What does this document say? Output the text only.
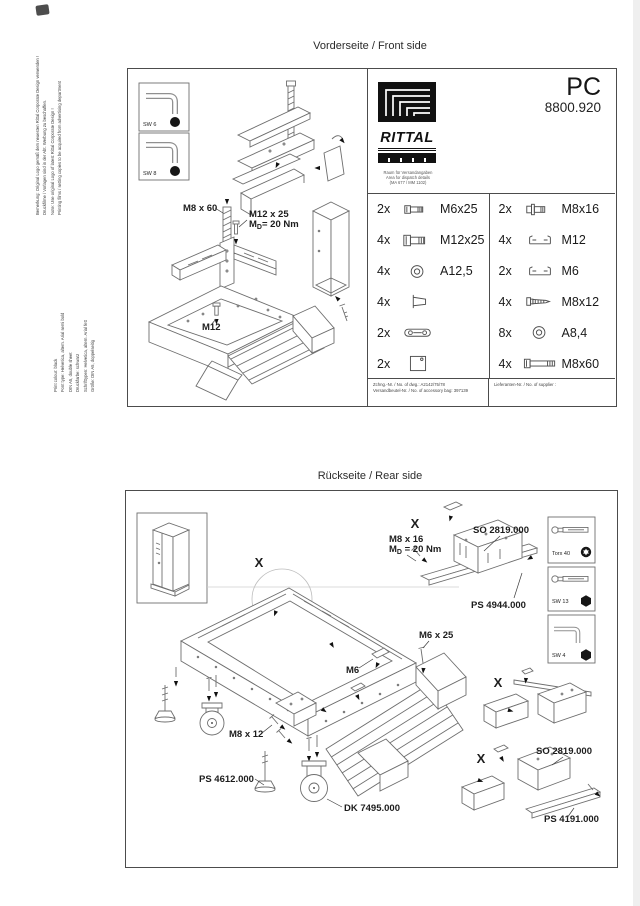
Bemerkung: Original Logo gemäß dem neuesten Rittal Corporate Design verwenden ! Druckfilme / Vorlagen sind in der Abt. Werbung zu beschaffen. Note: Use original Logo of latest Rittal Corporate Design ! Printing films / setting copies to be acquired from advertising department
Print colour: black Font type: Helvetica, altern. Arial semi bold DIN A5, double sheet Druckfarbe: schwarz Schrifttypen: Helvetica, altern. Arial fett Größe: DIN A5, doppelseitig
Vorderseite / Front side
SW 6
SW 8
M8 x 60
M12 x 25
MD= 20 Nm
M12
RITTAL
PC
8800.920
Raum für Versandangaben
Area for dispatch details
(MA 677 / MM 1102)
2x	M6x25
4x	M12x25
4x	A12,5
4x
2x
2x
2x	M8x16
4x	M12
2x	M6
4x	M8x12
8x	A8,4
4x	M8x60
Zchng.-Nr. / No. of dwg.: A2142/75/78
Versandbeutel-Nr. / No. of accessory bag: 397139
Lieferanten-Nr. / No. of supplier :
Rückseite / Rear side
Torx 40
SW 13
SW 4
X
M8 x 16
MD = 20 Nm
SO 2819.000
PS 4944.000
X
M6 x 25
M6
M8 x 12
PS 4612.000
DK 7495.000
X
X	SO 2819.000
PS 4191.000
